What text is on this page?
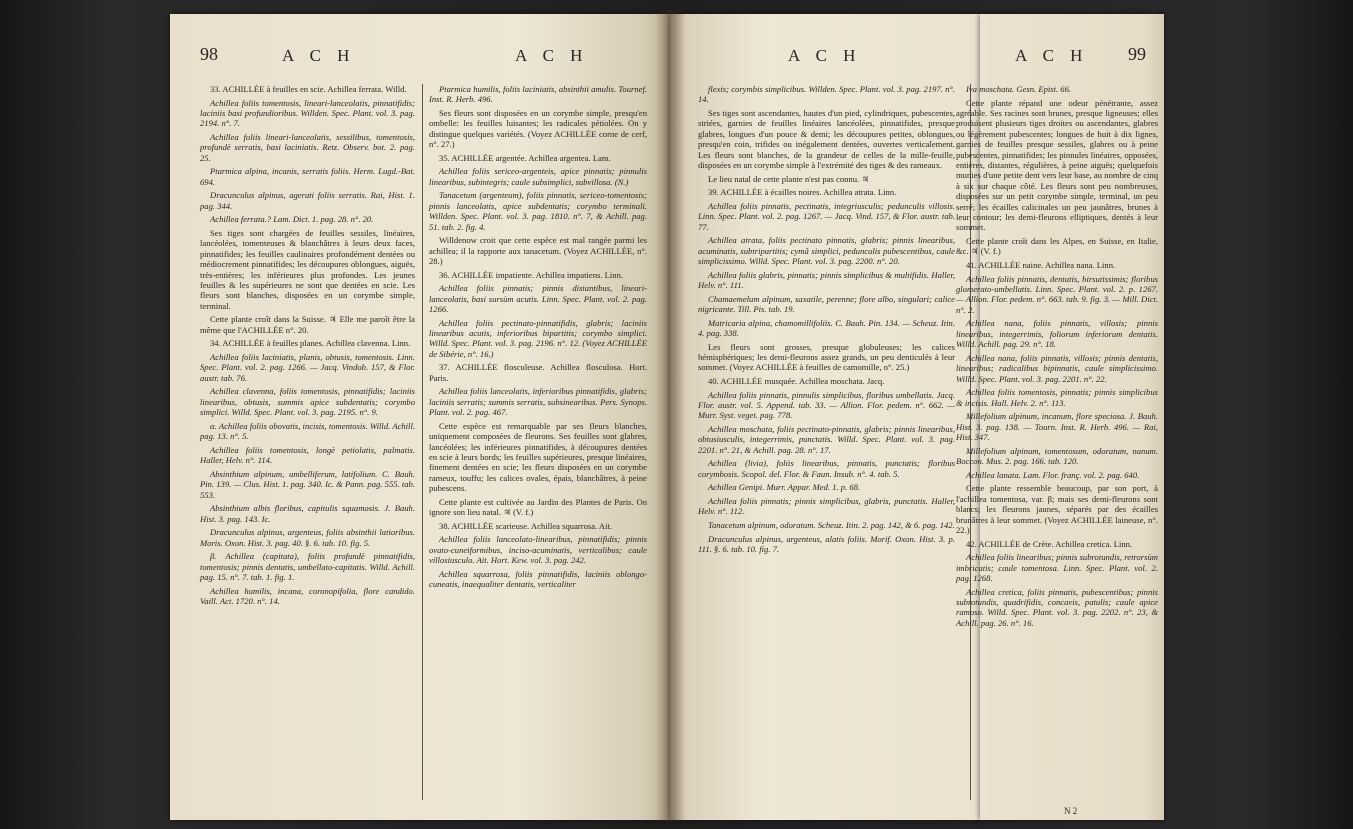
98	A C H	A C H

33. ACHILLÉE à feuilles en scie. Achillea ferrata. Willd.

Achillea foliis tomentosis, lineari-lanceolatis, pinnatifidis; laciniis basi profundioribus. Willden. Spec. Plant. vol. 3. pag. 2194. n°. 7.

Achillea foliis lineari-lanceolatis, sessilibus, tomentosis, profundè serratis, basi laciniatis. Retz. Observ. bot. 2. pag. 25.

Ptarmica alpina, incanis, serratis foliis. Herm. Lugd.-Bat. 694.

Dracunculus alpinus, agerati foliis serratis. Rai, Hist. 1. pag. 344.

Achillea ferrata.? Lam. Dict. 1. pag. 28. n°. 20.

Ses tiges sont chargées de feuilles sessiles, linéaires, lancéolées, tomenteuses & blanchâtres à leurs deux faces, pinnatifides; les feuilles caulinaires profondément dentées ou médiocrement pinnatifides; les découpures oblongues, aiguës, très-entières; les inférieures plus profondes. Les jeunes feuilles & les supérieures ne sont que dentées en scie. Les fleurs sont blanches, disposées en un corymbe simple, terminal.

Cette plante croît dans la Suisse. ♃ Elle me paroît être la même que l'ACHILLÉE n°. 20.

34. ACHILLÉE à feuilles planes. Achillea clavenna. Linn.

Achillea foliis laciniatis, planis, obtusis, tomentosis. Linn. Spec. Plant. vol. 2. pag. 1266. — Jacq. Vindob. 157, & Flor. austr. tab. 76.

Achillea clavenna, foliis tomentosis, pinnatifidis; laciniis linearibus, obtusis, summis apice subdentatis; corymbo simplici. Willd. Spec. Plant. vol. 3. pag. 2195. n°. 9.

α. Achillea foliis obovatis, incisis, tomentosis. Willd. Achill. pag. 13. n°. 5.

Achillea foliis tomentosis, longè petiolatis, palmatis. Haller, Helv. n°. 114.

Absinthium alpinum, umbelliferum, latifolium. C. Bauh. Pin. 139. — Clus. Hist. 1. pag. 340. Ic. & Pann. pag. 555. tab. 553.

Absinthium albis floribus, capitulis squamosis. J. Bauh. Hist. 3. pag. 143. Ic.

Dracunculus alpinus, argenteus, foliis absinthii latioribus. Moris. Oxon. Hist. 3. pag. 40. §. 6. tab. 10. fig. 5.

β. Achillea (capitata), foliis profundè pinnatifidis, tomentosis; pinnis dentatis, umbellato-capitatis. Willd. Achill. pag. 15. n°. 7. tab. 1. fig. 1.

Achillea humilis, incana, coronopifolia, flore candido. Vaill. Act. 1720. n°. 14.

Ptarmica humilis, foliis laciniatis, absinthii amulis. Tournef. Inst. R. Herb. 496.

Ses fleurs sont disposées en un corymbe simple, presqu'en ombelle: les feuilles luisantes; les radicales pétiolées. On y distingue quelques variétés. (Voyez ACHILLÉE corne de cerf, n°. 27.)

35. ACHILLÉE argentée. Achillea argentea. Lam.

Achillea foliis sericeo-argenteis, apice pinnatis; pinnulis linearibus, subintegris; caule subsimplici, subvillosa. (N.)

Tanacetum (argenteum), foliis pinnatis, sericeo-tomentosis; pinnis lanceolatis, apice subdentatis; corymbo terminali. Willden. Spec. Plant. vol. 3. pag. 1810. n°. 7, & Achill. pag. 51. tab. 2. fig. 4.

Willdenow croit que cette espèce est mal rangée parmi les achillea; il la rapporte aux tanacetum. (Voyez ACHILLÉE, n°. 28.)

36. ACHILLÉE impatiente. Achillea impatiens. Linn.

Achillea foliis pinnatis; pinnis distantibus, lineari-lanceolatis, basi sursùm acutis. Linn. Spec. Plant. vol. 2. pag. 1266.

Achillea foliis pectinato-pinnatifidis, glabris; laciniis linearibus acutis, inferioribus bipartitis; corymbo simplici. Willd. Spec. Plant. vol. 3. pag. 2196. n°. 12. (Voyez ACHILLÉE de Sibérie, n°. 16.)

37. ACHILLÉE flosculeuse. Achillea flosculosa. Hort. Paris.

Achillea foliis lanceolatis, inferioribus pinnatifidis, glabris; laciniis serratis; summis serratis, subsinearibus. Pers. Synops. Plant. vol. 2. pag. 467.

Cette espèce est remarquable par ses fleurs blanches, uniquement composées de fleurons. Ses feuilles sont glabres, lancéolées; les inférieures pinnatifides, à découpures dentées en scie à leurs bords; les feuilles supérieures, presque linéaires, finement dentées en scie; les fleurs disposées en un corymbe rameux, touffu; les calices ovales, épais, blanchâtres, à peine pubescens.

Cette plante est cultivée au Jardin des Plantes de Paris. On ignore son lieu natal. ♃ (V. f.)

38. ACHILLÉE scarieuse. Achillea squarrosa. Ait.

Achillea foliis lanceolato-linearibus, pinnatifidis; pinnis ovato-cuneiformibus, inciso-acuminatis, verticalibus; caule villosiusculo. Ait. Hort. Kew. vol. 3. pag. 242.

Achillea squarrosa, foliis pinnatifidis, laciniis oblongo-cuneatis, inaequaliter dentatis, verticaliter

A C H

flexis; corymbis simplicibus. Willden. Spec. Plant. vol. 3. pag. 2197. n°. 14.

Ses tiges sont ascendantes, hautes d'un pied, cylindriques, pubescentes, striées, garnies de feuilles linéaires lancéolées, pinnatifides, presque glabres, longues d'un pouce & demi; les découpures petites, oblongues, presqu'en coin, trifides ou inégalement dentées, ouvertes verticalement. Les fleurs sont blanches, de la grandeur de celles de la mille-feuille, disposées en un corymbe simple à l'extrémité des tiges & des rameaux.

Le lieu natal de cette plante n'est pas connu. ♃

39. ACHILLÉE à écailles noires. Achillea atrata. Linn.

Achillea foliis pinnatis, pectinatis, integriusculis; pedunculis villosis. Linn. Spec. Plant. vol. 2. pag. 1267. — Jacq. Vind. 157, & Flor. austr. tab. 77.

Achillea atrata, foliis pectinato pinnatis, glabris; pinnis linearibus, acuminatis, subtripartitis; cymâ simplici, pedunculis pubescentibus, caule simplicissimo. Willd. Spec. Plant. vol. 3. pag. 2200. n°. 20.

Achillea foliis glabris, pinnatis; pinnis simplicibus & multifidis. Haller, Helv. n°. 111.

Chamaemelum alpinum, saxatile, perenne; flore albo, singulari; calice nigricante. Till. Pis. tab. 19.

Matricaria alpina, chamomillifoliis. C. Bauh. Pin. 134. — Scheuz. Itin. 4. pag. 338.

Les fleurs sont grosses, presque globuleuses; les calices hémisphériques; les demi-fleurons assez grands, un peu denticulés à leur sommet. (Voyez ACHILLÉE à feuilles de camomille, n°. 25.)

40. ACHILLÉE musquée. Achillea moschata. Jacq.

Achillea foliis pinnatis, pinnulis simplicibus, floribus umbellatis. Jacq. Flor. austr. vol. 5. Append. tab. 33. — Allion. Flor. pedem. n°. 662. — Murr. Syst. veget. pag. 778.

Achillea moschata, foliis pectinato-pinnatis, glabris; pinnis linearibus, obtusiusculis, integerrimis, punctatis. Willd. Spec. Plant. vol. 3. pag. 2201. n°. 21, & Achill. pag. 28. n°. 17.

Achillea (livia), foliis linearibus, pinnatis, punctatis; floribus corymbosis. Scopol. del. Flor. & Faun. Insub. n°. 4. tab. 5.

Achillea Genipi. Murr. Appar. Med. 1. p. 68.

Achillea foliis pinnatis; pinnis simplicibus, glabris, punctatis. Haller, Helv. n°. 112.

Tanacetum alpinum, odoratum. Scheuz. Itin. 2. pag. 142, & 6. pag. 142.

Dracunculus alpinus, argenteus, alatis foliis. Morif. Oxon. Hist. 3. p. 111. §. 6. tab. 10. fig. 7.

A C H 99

Iva moschata. Gesn. Epist. 66.

Cette plante répand une odeur pénétrante, assez agréable. Ses racines sont brunes, presque ligneuses; elles produisent plusieurs tiges droites ou ascendantes, glabres ou légèrement pubescentes; longues de huit à dix lignes, garnies de feuilles presque sessiles, glabres ou à peine pubescentes, pinnatifides; les pinnules linéaires, opposées, entières, distantes, régulières, à peine aiguës; quelquefois munies d'une petite dent vers leur base, au nombre de cinq à six sur chaque côté. Les fleurs sont peu nombreuses, disposées sur un petit corymbe simple, terminal, un peu serré; les écailles calicinales un peu jaunâtres, brunes à leur contour; les demi-fleurons elliptiques, dentés à leur sommet.

Cette plante croît dans les Alpes, en Suisse, en Italie, &c. ♃ (V. f.)

41. ACHILLÉE naine. Achillea nana. Linn.

Achillea foliis pinnatis, dentatis, hirsutissimis; floribus glomerato-umbellatis. Linn. Spec. Plant. vol. 2. p. 1267. — Allion. Flor. pedem. n°. 663. tab. 9. fig. 3. — Mill. Dict. n°. 2.

Achillea nana, foliis pinnatis, villosis; pinnis linearibus, integerrimis, foliorum inferiorum dentatis. Willd. Achill. pag. 29. n°. 18.

Achillea nana, foliis pinnatis, villosis; pinnis dentatis, linearibus; radicalibus bipinnatis, caule simplicissimo. Willd. Spec. Plant. vol. 3. pag. 2201. n°. 22.

Achillea foliis tomentosis, pinnatis; pinnis simplicibus & incisis. Hall. Helv. 2. n°. 113.

Millefolium alpinum, incanum, flore speciosa. J. Bauh. Hist. 3. pag. 138. — Tourn. Inst. R. Herb. 496. — Rai, Hist. 347.

Millefolium alpinum, tomentosum, odoratum, nanum. Boccon. Mus. 2. pag. 166. tab. 120.

Achillea lanata. Lam. Flor. franç. vol. 2. pag. 640.

Cette plante ressemble beaucoup, par son port, à l'achillea tomentosa, var. β; mais ses demi-fleurons sont blancs; les fleurons jaunes, séparés par des écailles brunâtres à leur sommet. (Voyez ACHILLÉE laineuse, n°. 22.)

42. ACHILLÉE de Crète. Achillea cretica. Linn.

Achillea foliis linearibus; pinnis subrotundis, retrorsùm imbricatis; caule tomentosa. Linn. Spec. Plant. vol. 2. pag. 1268.

Achillea cretica, foliis pinnatis, pubescentibus; pinnis subrotundis, quadrifidis, concavis, patulis; caule apice ramoso. Willd. Spec. Plant. vol. 3. pag. 2202. n°. 23, & Achill. pag. 26. n°. 16.

N 2
